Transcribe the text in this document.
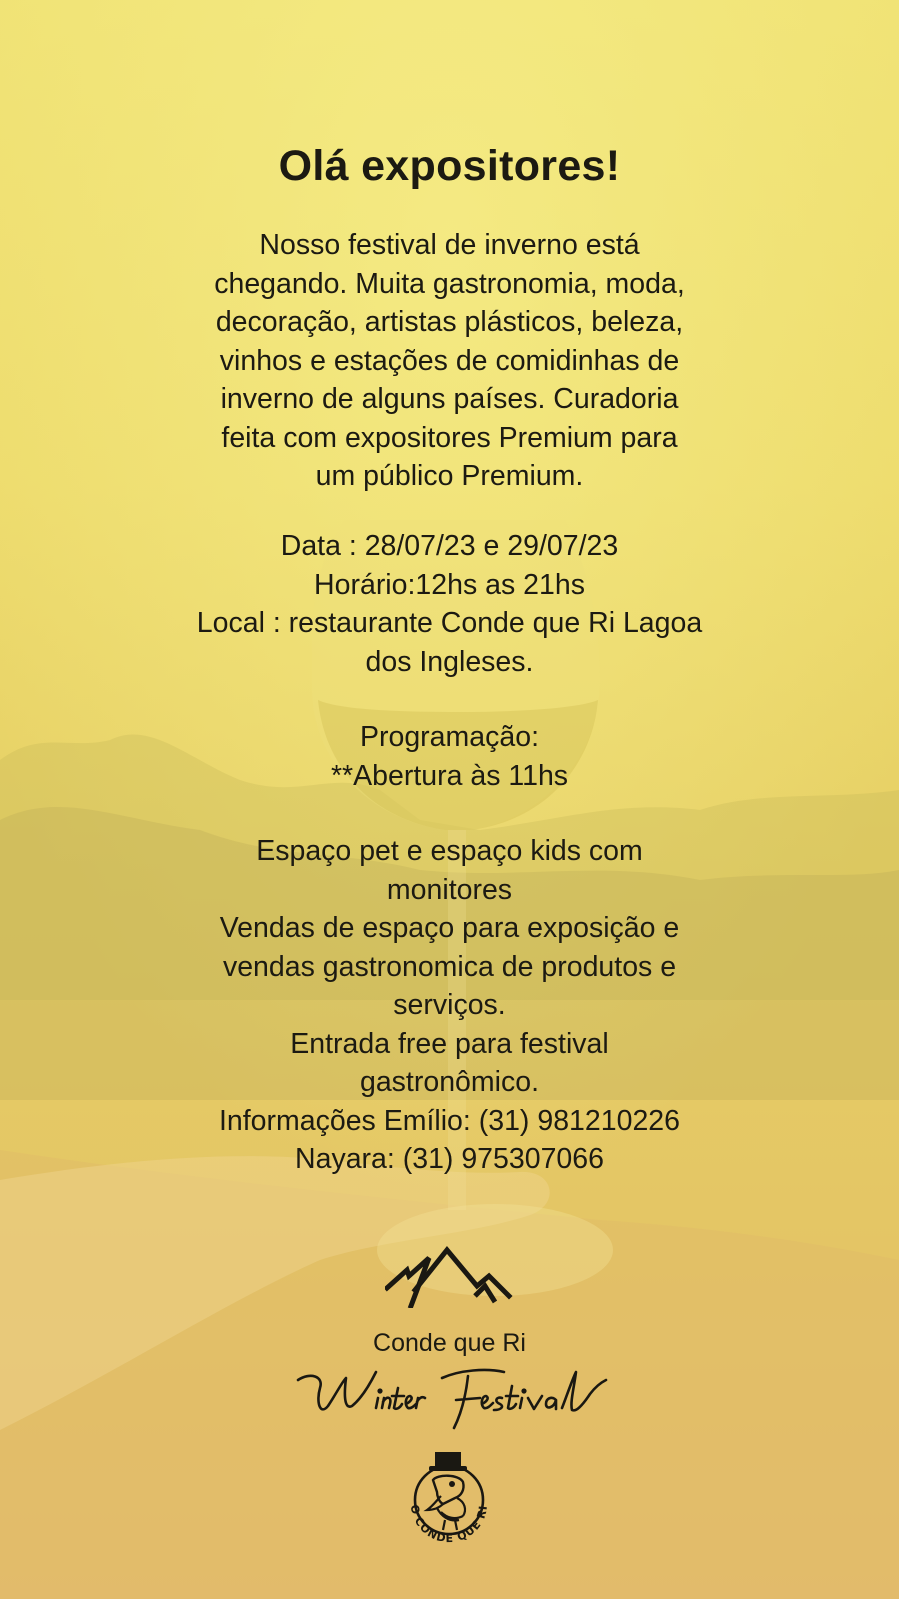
Olá expositores!

Nosso festival de inverno está
chegando. Muita gastronomia, moda,
decoração, artistas plásticos, beleza,
vinhos e estações de comidinhas de
inverno de alguns países. Curadoria
feita com expositores Premium para
um público Premium.

Data : 28/07/23 e 29/07/23
Horário:12hs as 21hs
Local : restaurante Conde que Ri Lagoa
dos Ingleses.

Programação:
**Abertura às 11hs

Espaço pet e espaço kids com
monitores
Vendas de espaço para exposição e
vendas gastronomica de produtos e
serviços.
Entrada free para festival
gastronômico.
Informações Emílio: (31) 981210226
Nayara: (31) 975307066

Conde que Ri
O CONDE QUE RI
